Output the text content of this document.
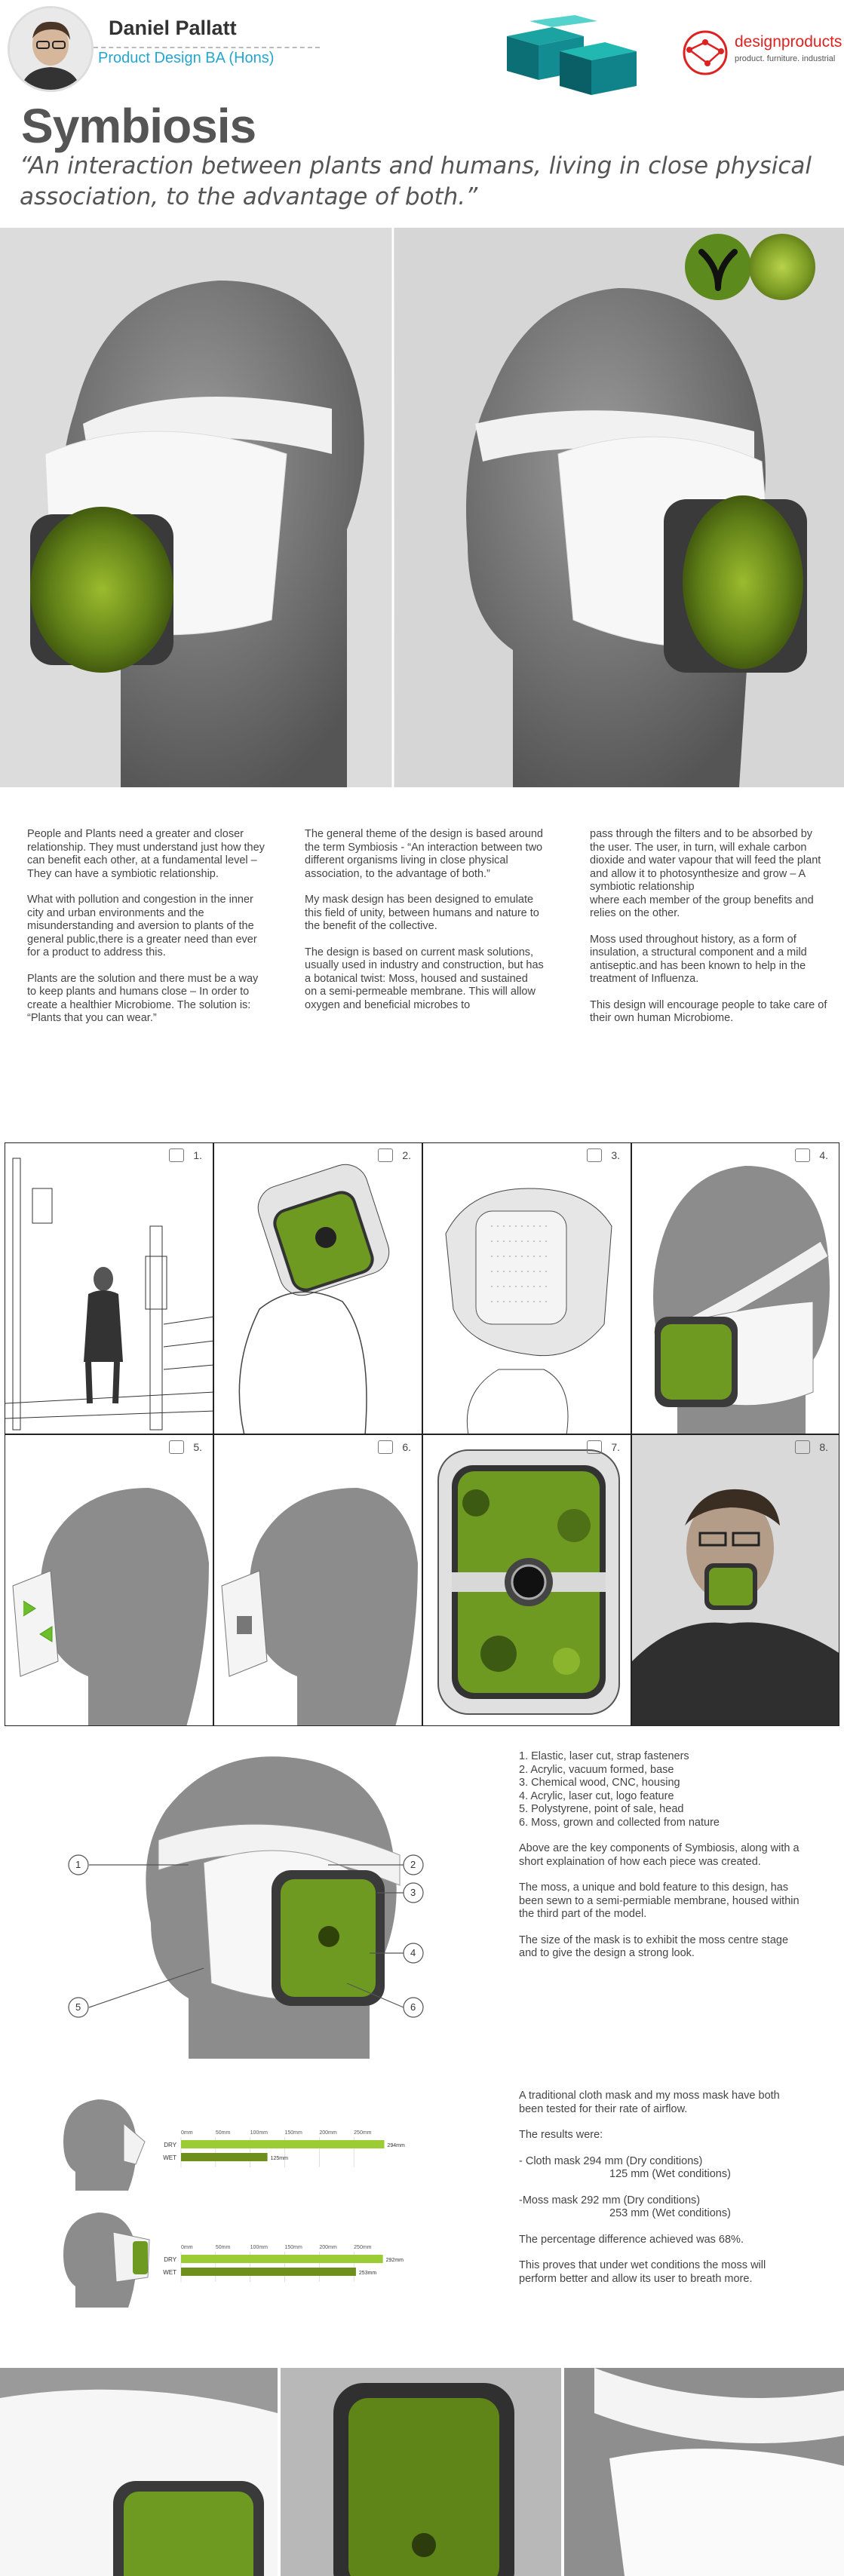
Daniel Pallatt
Product Design BA (Hons)
designproducts
product. furniture. industrial
Symbiosis
“An interaction between plants and humans, living in close physical association, to the advantage of both.”

People and Plants need a greater and closer relationship. They must understand just how they can benefit each other, at a fundamental level –
They can have a symbiotic relationship.

What with pollution and congestion in the inner city and urban environments and the misunderstanding and aversion to plants of the general public,there is a greater need than ever for a product to address this.

Plants are the solution and there must be a way to keep plants and humans close – In order to create a healthier Microbiome. The solution is: “Plants that you can wear.”

The general theme of the design is based around the term Symbiosis - “An interaction between two different organisms living in close physical
association, to the advantage of both.”

My mask design has been designed to emulate this field of unity, between humans and nature to the benefit of the collective.

The design is based on current mask solutions, usually used in industry and construction, but has a botanical twist: Moss, housed and sustained
on a semi-permeable membrane. This will allow oxygen and beneficial microbes to

pass through the filters and to be absorbed by the user. The user, in turn, will exhale carbon dioxide and water vapour that will feed the plant and allow it to photosynthesize and grow – A symbiotic relationship
where each member of the group benefits and relies on the other.

Moss used throughout history, as a form of insulation, a structural component and a mild antiseptic.and has been known to help in the treatment of Influenza.

This design will encourage people to take care of their own human Microbiome.

1.	2.	3.	4.
5.	6.	7.	8.
1	2
3
4
5	6
1. Elastic, laser cut, strap fasteners
2. Acrylic, vacuum formed, base
3. Chemical wood, CNC, housing
4. Acrylic, laser cut, logo feature
5. Polystyrene, point of sale, head
6. Moss, grown and collected from nature

Above are the key components of Symbiosis, along with a short explaination of how each piece was created.

The moss, a unique and bold feature to this design, has been sewn to a semi-permiable membrane, housed within the third part of the model.

The size of the mask is to exhibit the moss centre stage and to give the design a strong look.

0mm	50mm	100mm	150mm	200mm	250mm
DRY
WET
294mm
125mm
0mm	50mm	100mm	150mm	200mm	250mm
DRY
WET
292mm
253mm

A traditional cloth mask and my moss mask have both been tested for their rate of airflow.

The results were:

- Cloth mask 294 mm (Dry conditions)
125 mm (Wet conditions)

-Moss mask 292 mm (Dry conditions)
253 mm (Wet conditions)

The percentage difference achieved was 68%.

This proves that under wet conditions the moss will perform better and allow its user to breath more.
